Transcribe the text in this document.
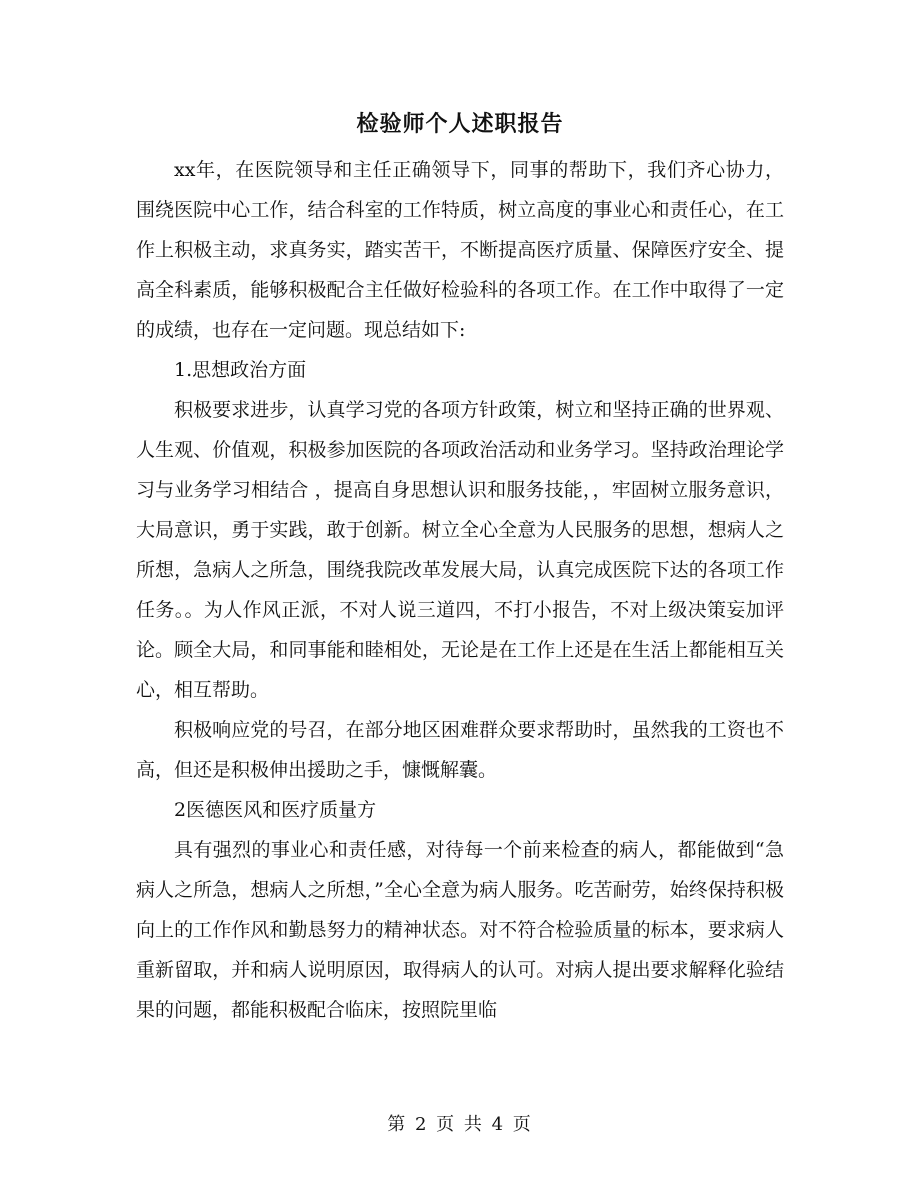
检验师个人述职报告

xx年，在医院领导和主任正确领导下，同事的帮助下，我们齐心协力，围绕医院中心工作，结合科室的工作特质，树立高度的事业心和责任心，在工作上积极主动，求真务实，踏实苦干，不断提高医疗质量、保障医疗安全、提高全科素质，能够积极配合主任做好检验科的各项工作。在工作中取得了一定的成绩，也存在一定问题。现总结如下:

1.思想政治方面

积极要求进步，认真学习党的各项方针政策，树立和坚持正确的世界观、人生观、价值观，积极参加医院的各项政治活动和业务学习。坚持政治理论学习与业务学习相结合 ，提高自身思想认识和服务技能，，牢固树立服务意识，大局意识，勇于实践，敢于创新。树立全心全意为人民服务的思想，想病人之所想，急病人之所急，围绕我院改革发展大局，认真完成医院下达的各项工作任务。。为人作风正派，不对人说三道四，不打小报告，不对上级决策妄加评论。顾全大局，和同事能和睦相处，无论是在工作上还是在生活上都能相互关心，相互帮助。

积极响应党的号召，在部分地区困难群众要求帮助时，虽然我的工资也不高，但还是积极伸出援助之手，慷慨解囊。

2医德医风和医疗质量方

具有强烈的事业心和责任感，对待每一个前来检查的病人，都能做到“急病人之所急，想病人之所想，”全心全意为病人服务。吃苦耐劳，始终保持积极向上的工作作风和勤恳努力的精神状态。对不符合检验质量的标本，要求病人重新留取，并和病人说明原因，取得病人的认可。对病人提出要求解释化验结果的问题，都能积极配合临床，按照院里临

第 2 页 共 4 页
